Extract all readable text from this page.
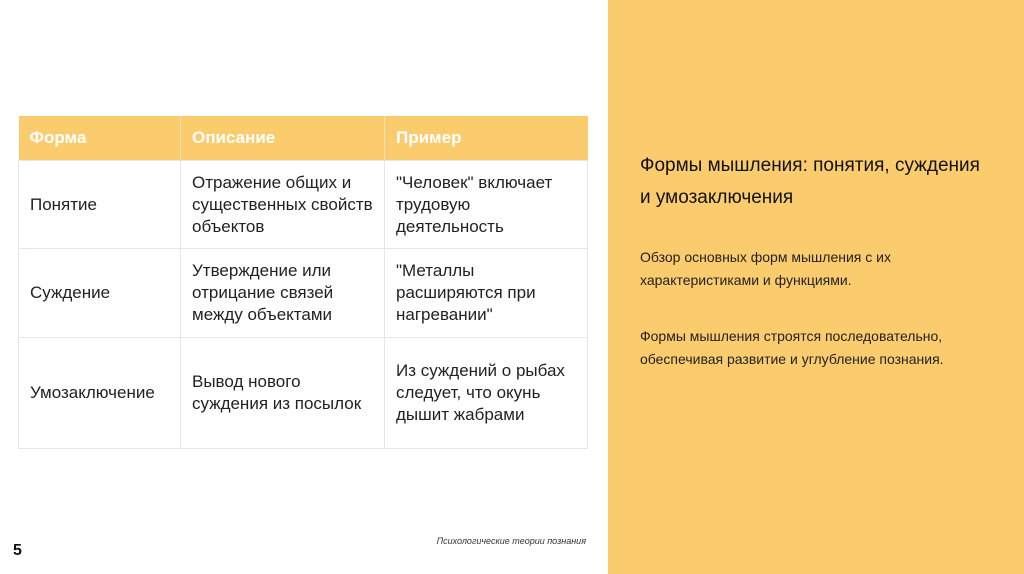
Форма	Описание	Пример
Понятие	Отражение общих и существенных свойств объектов	"Человек" включает трудовую деятельность
Суждение	Утверждение или отрицание связей между объектами	"Металлы расширяются при нагревании"
Умозаключение	Вывод нового суждения из посылок	Из суждений о рыбах следует, что окунь дышит жабрами
Психологические теории познания
5
Формы мышления: понятия, суждения и умозаключения
Обзор основных форм мышления с их характеристиками и функциями.
Формы мышления строятся последовательно, обеспечивая развитие и углубление познания.
